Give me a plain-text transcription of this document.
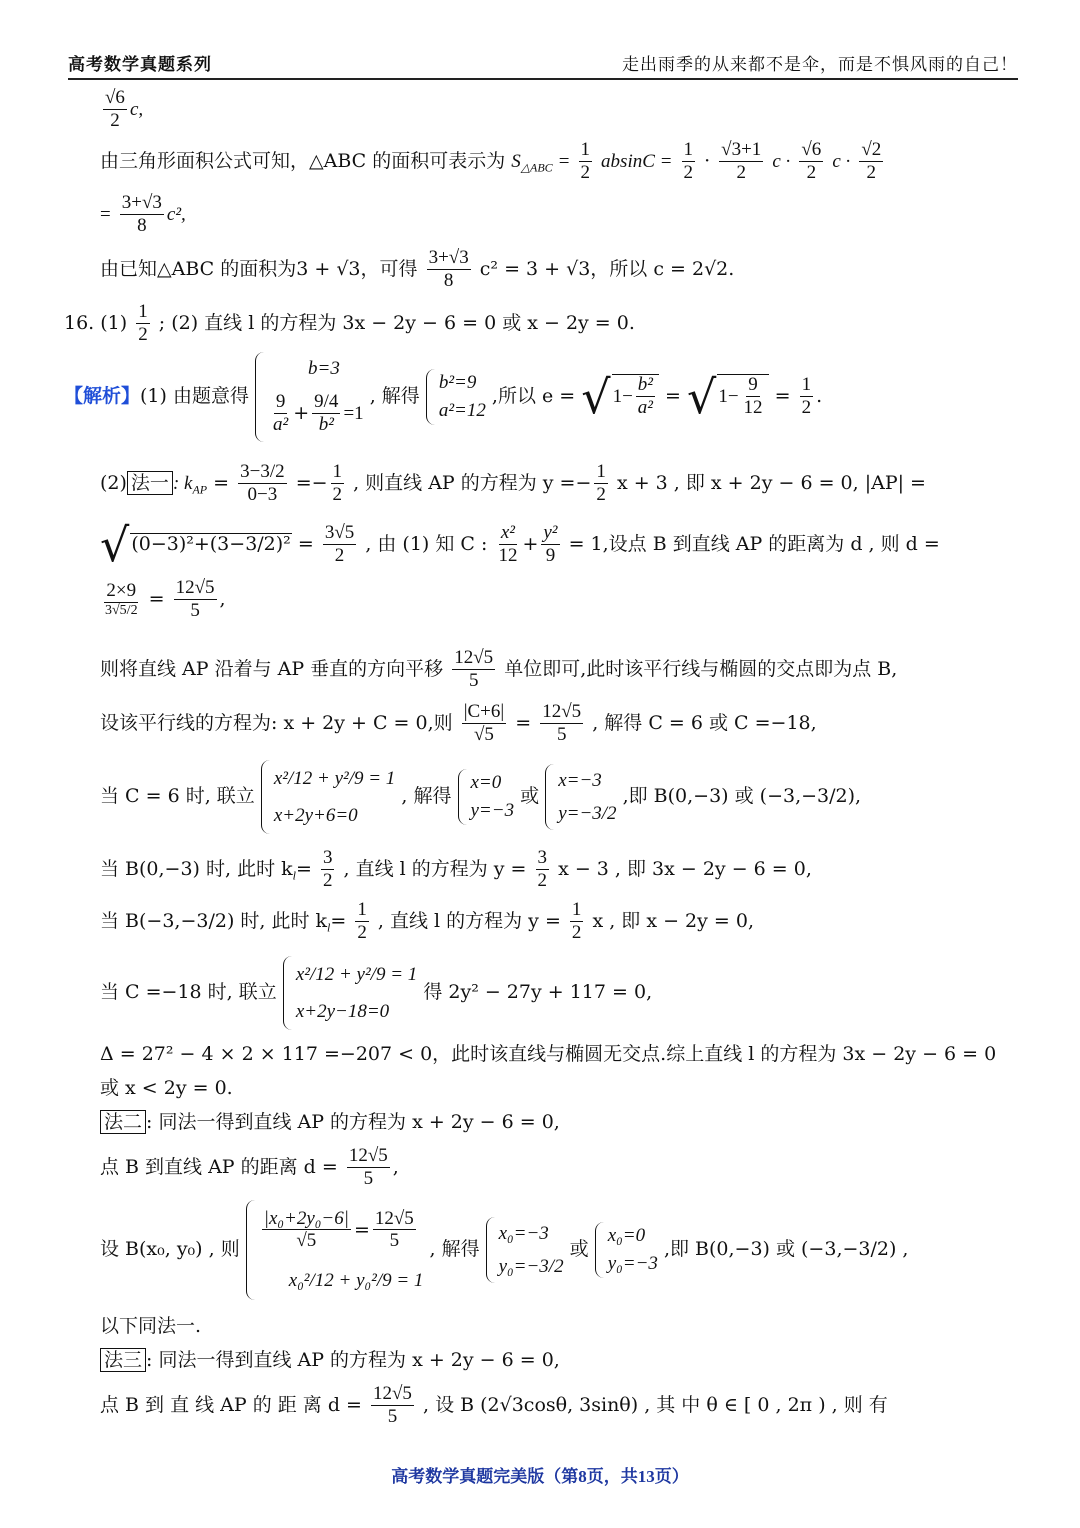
高考数学真题系列	走出雨季的从来都不是伞，而是不惧风雨的自己！
$\frac{√6}{2} c$,
由三角形面积公式可知，△ABC 的面积可表示为 $S_{\triangle ABC} = \frac{1}{2}$ $absinC = \frac{1}{2} \cdot \frac{√3+1}{2}$ $c \cdot \frac{√6}{2}$ $c \cdot \frac{√2}{2}$
= $\frac{3+√3}{8} c^2$,
由已知△ABC 的面积为3 + √3，可得 $\frac{3+√3}{8} c^2 = 3 + √3$，所以 c = 2√2.
16. $(1) \frac{1}{2}$ ; (2) 直线 l 的方程为 3x − 2y − 6 = 0 或 x − 2y = 0.
【解析】(1) 由题意得
b=3
$\frac{9}{\text{a²}} + \frac{9/4}{\text{b²}} =1$
, 解得
b²=9
a²=12
,所以 e = √ $1- \frac{\text{b²}}{\text{a²}}$ = √ $1- \frac{9}{12} = \frac{1}{2}$ .
(2) 法一 : $k_{AP} = \frac{3-3/2}{0-3} =- \frac{1}{2}$ , 则直线 AP 的方程为 $y =- \frac{1}{2}$ x + 3 , 即 x + 2y − 6 = 0, |AP| =
√ $(0-3)^2+(3-3/2)^2 = \frac{3√5}{2}$ , 由 (1) 知 C : $\frac{\text{x²}}{12} + \frac{\text{y²}}{9} = 1$,设点 B 到直线 AP 的距离为 d , 则 d =
$\frac{2\times 9}{3√5/2} = \frac{12√5}{5}$ ,
则将直线 AP 沿着与 AP 垂直的方向平移 $\frac{12√5}{5}$ 单位即可,此时该平行线与椭圆的交点即为点 B,
设该平行线的方程为: x + 2y + C = 0,则 $\frac{|C+6|}{√5} = \frac{12√5}{5}$ , 解得 C = 6 或 C =−18,
当 C = 6 时, 联立
x²/12 + y²/9 = 1
x+2y+6=0
, 解得
x=0
y=−3
或
x=−3
y=−3/2
,即 B(0,−3) 或 (−3,−3/2),
当 B(0,−3) 时, 此时 $k_l= \frac{3}{2}$ , 直线 l 的方程为 $y = \frac{3}{2}$ x − 3 , 即 3x − 2y − 6 = 0,
当 B(−3,−3/2) 时, 此时 $k_l= \frac{1}{2}$ , 直线 l 的方程为 $y = \frac{1}{2}$ x , 即 x − 2y = 0,
当 C =−18 时, 联立
x²/12 + y²/9 = 1
x+2y−18=0
得 2y² − 27y + 117 = 0,
Δ = 27² − 4 × 2 × 117 =−207 < 0，此时该直线与椭圆无交点.综上直线 l 的方程为 3x − 2y − 6 = 0
或 x < 2y = 0.
法二 : 同法一得到直线 AP 的方程为 x + 2y − 6 = 0,
点 B 到直线 AP 的距离 $d = \frac{12√5}{5}$ ,
设 B(x₀, y₀) , 则 $\frac{\text{|x₀+2y₀−6|}}{√5} = \frac{12√5}{5}$
x₀²/12 + y₀²/9 = 1
, 解得
x₀=−3
y₀=−3/2
或
x₀=0
y₀=−3
,即 B(0,−3) 或 (−3,−3/2) ,
以下同法一.
法三 : 同法一得到直线 AP 的方程为 x + 2y − 6 = 0,
点 B 到 直 线 AP 的 距 离 $d = \frac{12√5}{5}$ , 设 B (2√3cosθ, 3sinθ) , 其 中 θ ∈ [ 0 , 2π ) , 则 有
高考数学真题完美版（第8页，共13页）
